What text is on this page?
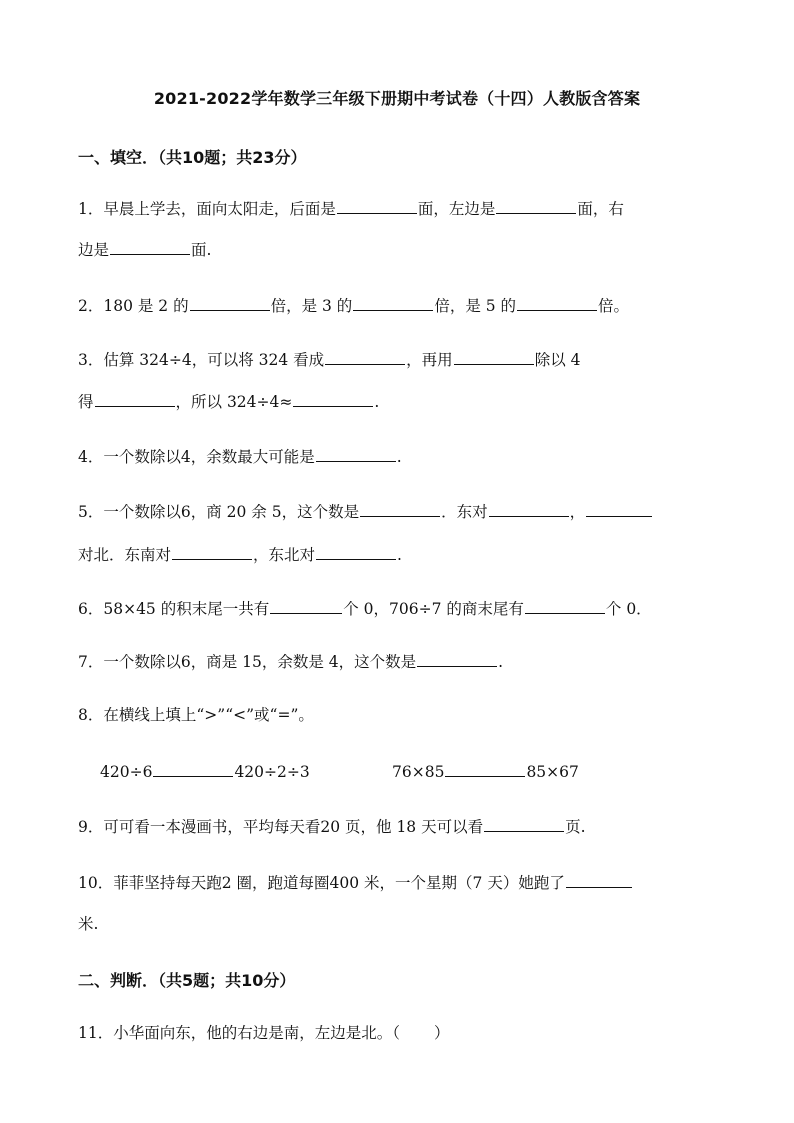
2021-2022学年数学三年级下册期中考试卷（十四）人教版含答案
一、填空．（共10题；共23分）
1．早晨上学去，面向太阳走，后面是	面，左边是	面，右
边是	面.
2．180 是 2 的	倍，是 3 的	倍，是 5 的	倍。
3．估算 324÷4，可以将 324 看成	，再用	除以 4
得	，所以 324÷4≈	.
4．一个数除以4，余数最大可能是	.
5．一个数除以6，商 20 余 5，这个数是	．东对	，
对北．东南对	，东北对	.
6．58×45 的积末尾一共有	个 0，706÷7 的商末尾有	个 0．
7．一个数除以6，商是 15，余数是 4，这个数是	.
8．在横线上填上“>”“<”或“=”。
420÷6	420÷2÷3	76×85	85×67
9．可可看一本漫画书，平均每天看20 页，他 18 天可以看	页.
10．菲菲坚持每天跑2 圈，跑道每圈400 米，一个星期（7 天）她跑了
米.
二、判断．（共5题；共10分）
11．小华面向东，他的右边是南，左边是北。（ ）
